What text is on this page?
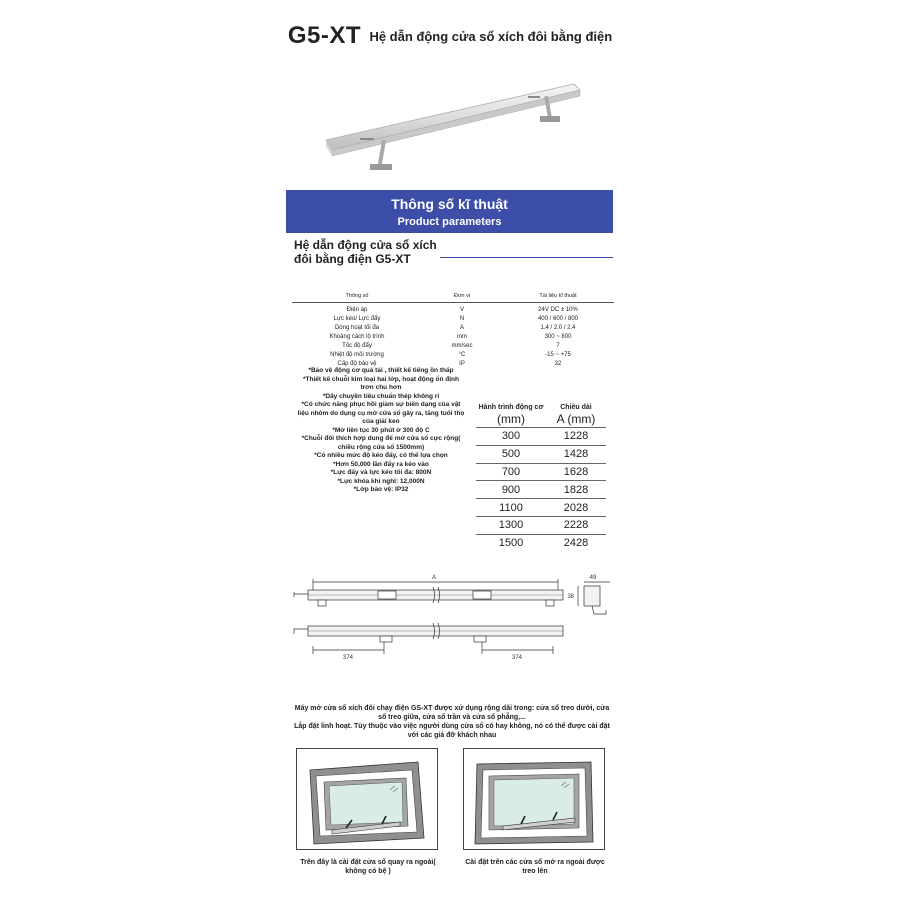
G5-XT Hệ dẫn động cửa sổ xích đôi bằng điện
Thông số kĩ thuật
Product parameters
Hệ dẫn động cửa sổ xích
đôi bằng điện G5-XT
Thông số	Đơn vị	Tài liệu kĩ thuật
Điện áp	V	24V DC ± 10%
Lực kéo/ Lực đẩy	N	400 / 600 / 800
Dòng hoạt tối đa	A	1.4 / 2.0 / 2.4
Khoảng cách lộ trình	mm	300 ~ 800
Tốc độ đẩy	mm/sec	7
Nhiệt độ môi trường	°C	-15 ~ +75
Cấp độ bảo vệ	IP	32
*Bảo vệ động cơ quá tải , thiết kế tiếng ồn thấp
*Thiết kế chuỗi kim loại hai lớp, hoạt động ổn định
trơn chu hơn
*Dây chuyền tiêu chuẩn thép không rỉ
*Có chức năng phục hồi giảm sự biến dạng của vật
liệu nhôm do dụng cụ mở cửa sổ gây ra, tăng tuổi thọ
của giải keo
*Mở liên tục 30 phút ở 300 độ C
*Chuỗi đôi thích hợp dung để mở cửa sổ cực rộng(
chiều rộng cửa sổ 1500mm)
*Có nhiều mức độ kéo đẩy, có thể lựa chọn
*Hơn 50,000 lần đẩy ra kéo vào
*Lực đẩy và lực kéo tối đa: 800N
*Lực khóa khi nghỉ: 12,000N
*Lớp bảo vệ: IP32
Hành trình động cơ	Chiều dài
(mm)	A (mm)
300	1228
500	1428
700	1628
900	1828
1100	2028
1300	2228
1500	2428
A
374	374
49
38
Máy mở cửa sổ xích đôi chạy điện GS-XT được xử dụng rộng dãi trong: cửa sổ treo dưới, cửa
sổ treo giữa, cửa sổ trần và cửa sổ phẳng,...
Lắp đặt linh hoạt. Tùy thuộc vào việc người dùng cửa sổ có hay không, nó có thể được cài đặt
với các giá đỡ khách nhau
Trên đây là cài đặt cửa sổ quay ra ngoài(
không có bệ )
Cài đặt trên các cửa sổ mở ra ngoài được
treo lên
